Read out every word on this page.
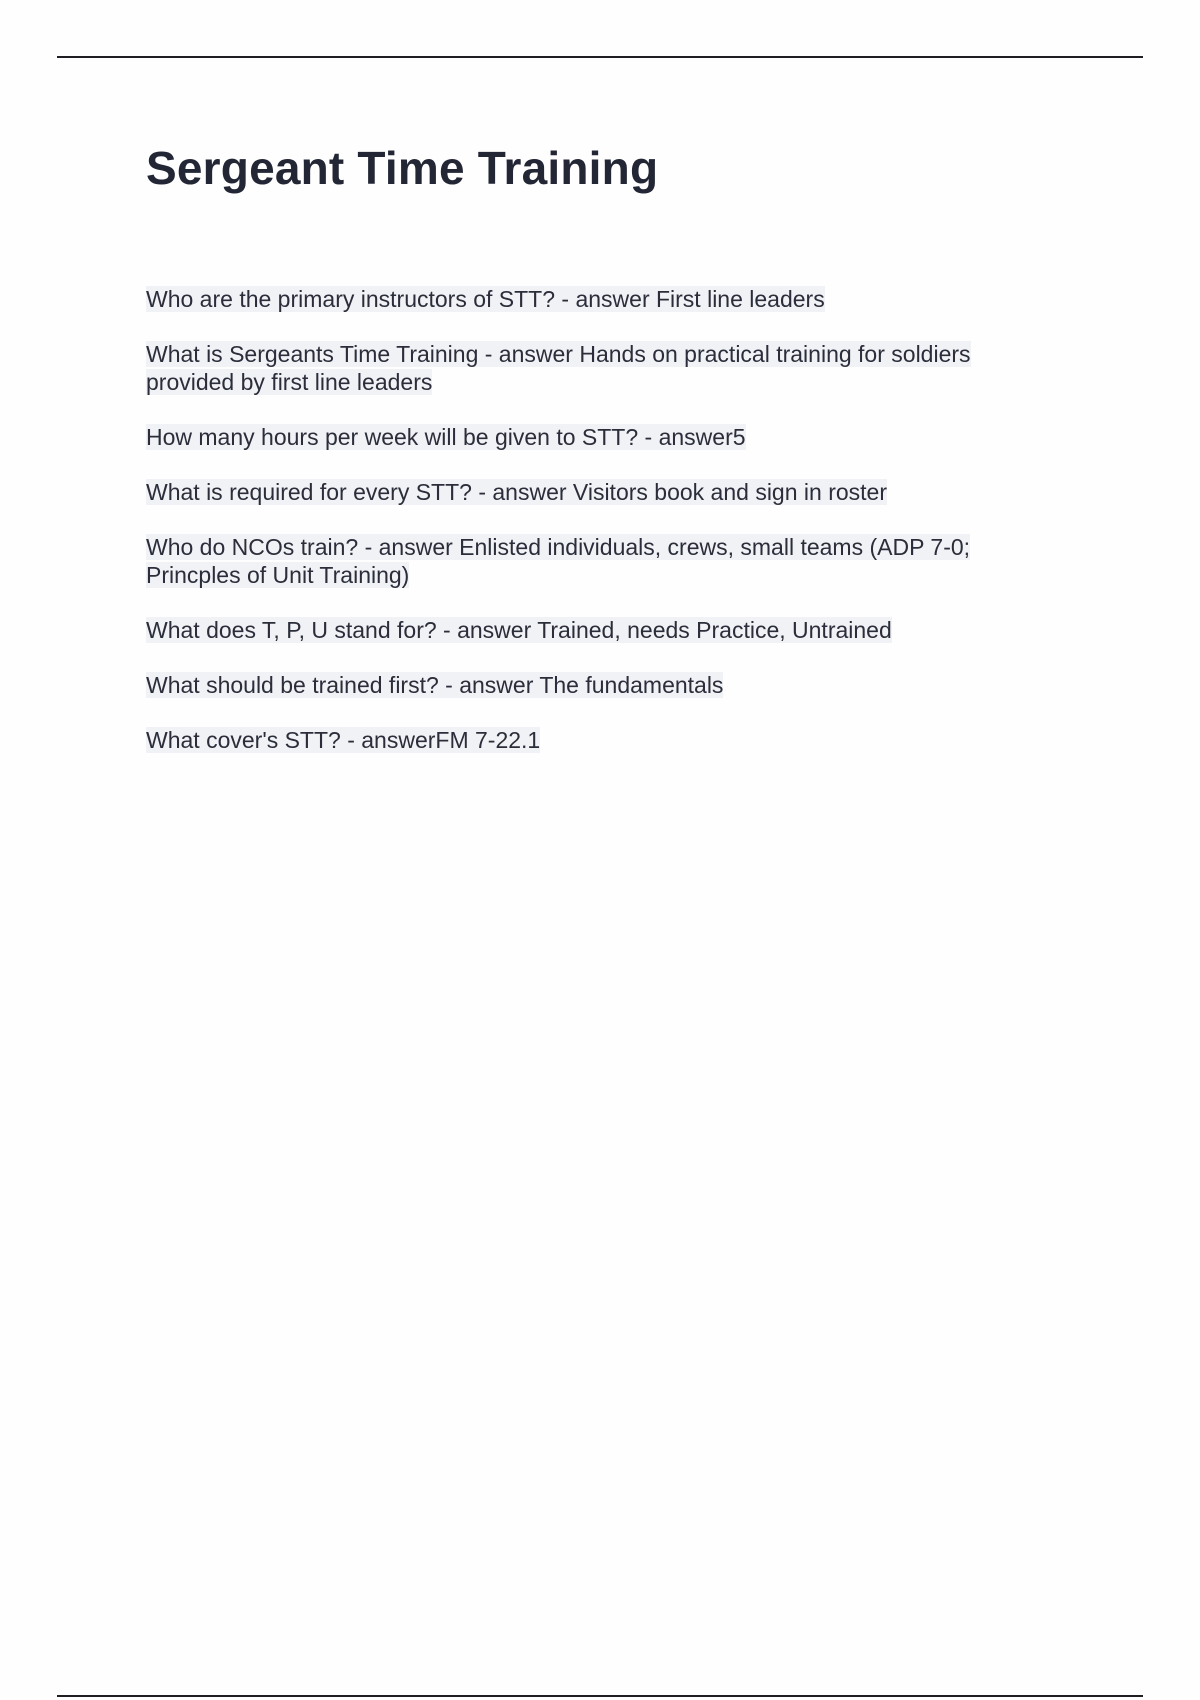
Sergeant Time Training
Who are the primary instructors of STT? - answer First line leaders
What is Sergeants Time Training - answer Hands on practical training for soldiers provided by first line leaders
How many hours per week will be given to STT? - answer5
What is required for every STT? - answer Visitors book and sign in roster
Who do NCOs train? - answer Enlisted individuals, crews, small teams (ADP 7-0; Princples of Unit Training)
What does T, P, U stand for? - answer Trained, needs Practice, Untrained
What should be trained first? - answer The fundamentals
What cover's STT? - answerFM 7-22.1
